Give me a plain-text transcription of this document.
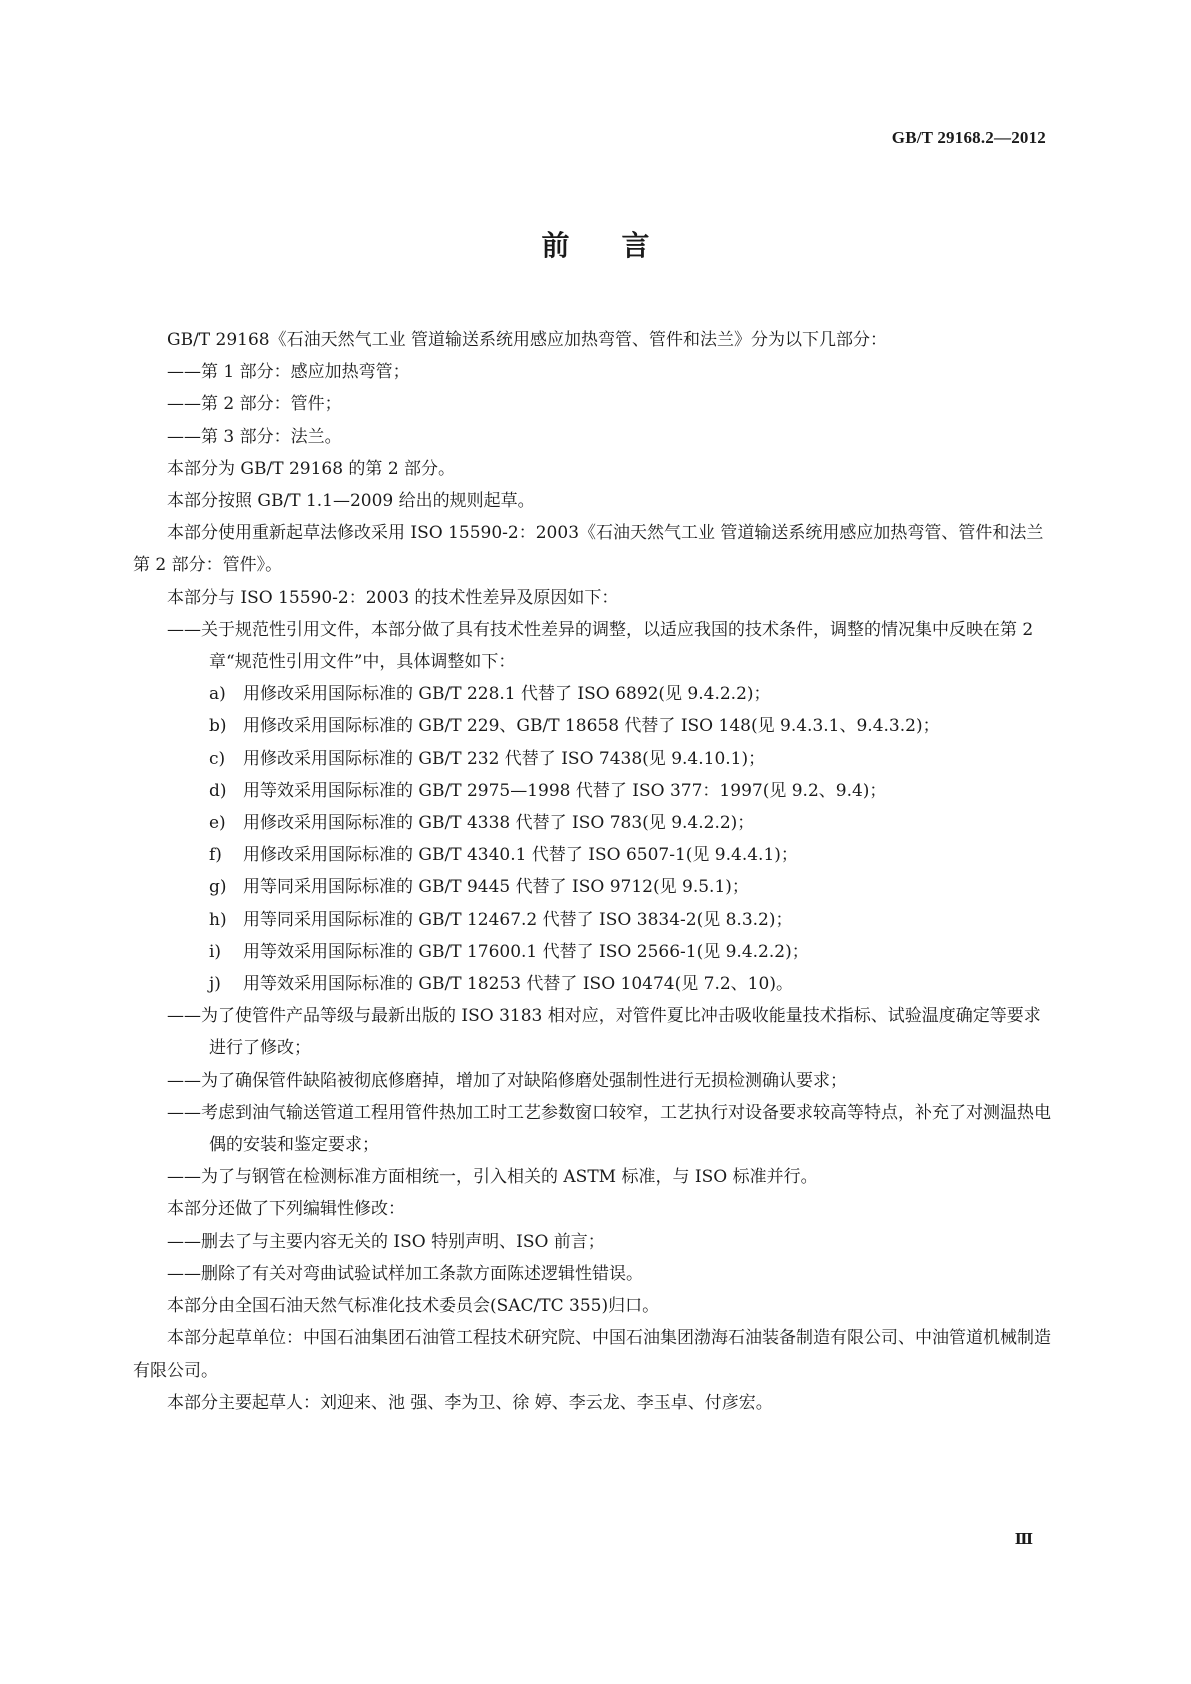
GB/T 29168.2—2012
前言

GB/T 29168《石油天然气工业 管道输送系统用感应加热弯管、管件和法兰》分为以下几部分：

——第 1 部分：感应加热弯管；

——第 2 部分：管件；

——第 3 部分：法兰。

本部分为 GB/T 29168 的第 2 部分。

本部分按照 GB/T 1.1—2009 给出的规则起草。

本部分使用重新起草法修改采用 ISO 15590-2：2003《石油天然气工业 管道输送系统用感应加热弯管、管件和法兰 第 2 部分：管件》。

本部分与 ISO 15590-2：2003 的技术性差异及原因如下：

——关于规范性引用文件，本部分做了具有技术性差异的调整，以适应我国的技术条件，调整的情况集中反映在第 2 章“规范性引用文件”中，具体调整如下：

a) 用修改采用国际标准的 GB/T 228.1 代替了 ISO 6892(见 9.4.2.2)；
b) 用修改采用国际标准的 GB/T 229、GB/T 18658 代替了 ISO 148(见 9.4.3.1、9.4.3.2)；
c) 用修改采用国际标准的 GB/T 232 代替了 ISO 7438(见 9.4.10.1)；
d) 用等效采用国际标准的 GB/T 2975—1998 代替了 ISO 377：1997(见 9.2、9.4)；
e) 用修改采用国际标准的 GB/T 4338 代替了 ISO 783(见 9.4.2.2)；
f) 用修改采用国际标准的 GB/T 4340.1 代替了 ISO 6507-1(见 9.4.4.1)；
g) 用等同采用国际标准的 GB/T 9445 代替了 ISO 9712(见 9.5.1)；
h) 用等同采用国际标准的 GB/T 12467.2 代替了 ISO 3834-2(见 8.3.2)；
i) 用等效采用国际标准的 GB/T 17600.1 代替了 ISO 2566-1(见 9.4.2.2)；
j) 用等效采用国际标准的 GB/T 18253 代替了 ISO 10474(见 7.2、10)。

——为了使管件产品等级与最新出版的 ISO 3183 相对应，对管件夏比冲击吸收能量技术指标、试验温度确定等要求进行了修改；

——为了确保管件缺陷被彻底修磨掉，增加了对缺陷修磨处强制性进行无损检测确认要求；

——考虑到油气输送管道工程用管件热加工时工艺参数窗口较窄，工艺执行对设备要求较高等特点，补充了对测温热电偶的安装和鉴定要求；

——为了与钢管在检测标准方面相统一，引入相关的 ASTM 标准，与 ISO 标准并行。

本部分还做了下列编辑性修改：

——删去了与主要内容无关的 ISO 特别声明、ISO 前言；

——删除了有关对弯曲试验试样加工条款方面陈述逻辑性错误。

本部分由全国石油天然气标准化技术委员会(SAC/TC 355)归口。

本部分起草单位：中国石油集团石油管工程技术研究院、中国石油集团渤海石油装备制造有限公司、中油管道机械制造有限公司。

本部分主要起草人：刘迎来、池 强、李为卫、徐 婷、李云龙、李玉卓、付彦宏。

Ⅲ
